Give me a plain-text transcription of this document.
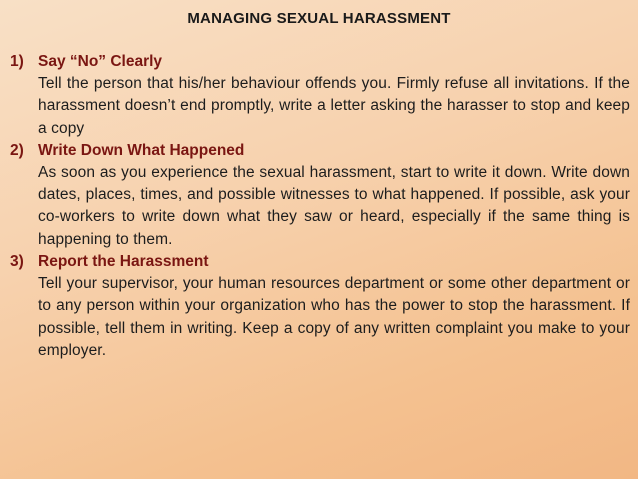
MANAGING SEXUAL HARASSMENT
1) Say “No” Clearly

Tell the person that his/her behaviour offends you. Firmly refuse all invitations. If the harassment doesn’t end promptly, write a letter asking the harasser to stop and keep a copy

2) Write Down What Happened

As soon as you experience the sexual harassment, start to write it down. Write down dates, places, times, and possible witnesses to what happened. If possible, ask your co-workers to write down what they saw or heard, especially if the same thing is happening to them.

3) Report the Harassment

Tell your supervisor, your human resources department or some other department or to any person within your organization who has the power to stop the harassment. If possible, tell them in writing. Keep a copy of any written complaint you make to your employer.
